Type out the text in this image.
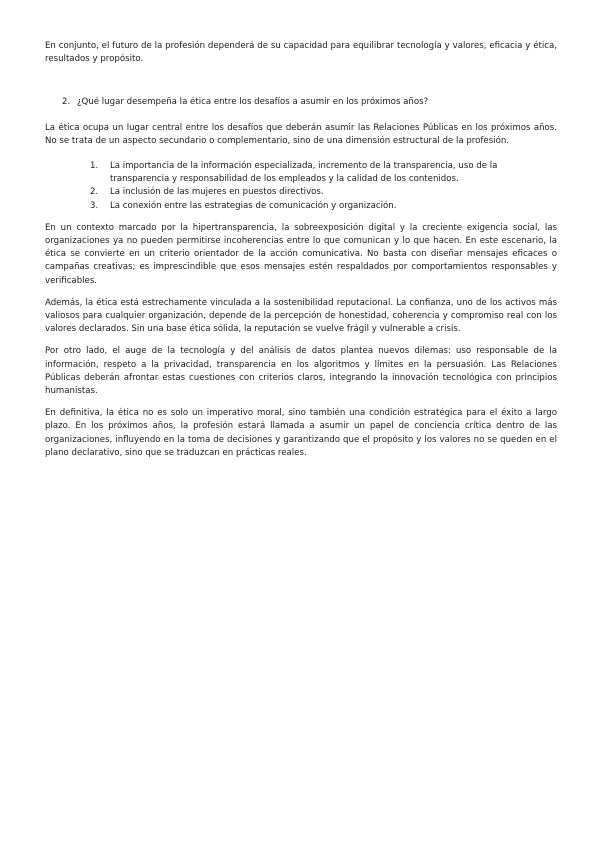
En conjunto, el futuro de la profesión dependerá de su capacidad para equilibrar tecnología y valores, eficacia y ética, resultados y propósito.

2. ¿Qué lugar desempeña la ética entre los desafíos a asumir en los próximos años?

La ética ocupa un lugar central entre los desafíos que deberán asumir las Relaciones Públicas en los próximos años. No se trata de un aspecto secundario o complementario, sino de una dimensión estructural de la profesión.

1.	La importancia de la información especializada, incremento de la transparencia, uso de la transparencia y responsabilidad de los empleados y la calidad de los contenidos.
2.	La inclusión de las mujeres en puestos directivos.
3.	La conexión entre las estrategias de comunicación y organización.

En un contexto marcado por la hipertransparencia, la sobreexposición digital y la creciente exigencia social, las organizaciones ya no pueden permitirse incoherencias entre lo que comunican y lo que hacen. En este escenario, la ética se convierte en un criterio orientador de la acción comunicativa. No basta con diseñar mensajes eficaces o campañas creativas; es imprescindible que esos mensajes estén respaldados por comportamientos responsables y verificables.

Además, la ética está estrechamente vinculada a la sostenibilidad reputacional. La confianza, uno de los activos más valiosos para cualquier organización, depende de la percepción de honestidad, coherencia y compromiso real con los valores declarados. Sin una base ética sólida, la reputación se vuelve frágil y vulnerable a crisis.

Por otro lado, el auge de la tecnología y del análisis de datos plantea nuevos dilemas: uso responsable de la información, respeto a la privacidad, transparencia en los algoritmos y límites en la persuasión. Las Relaciones Públicas deberán afrontar estas cuestiones con criterios claros, integrando la innovación tecnológica con principios humanistas.

En definitiva, la ética no es solo un imperativo moral, sino también una condición estratégica para el éxito a largo plazo. En los próximos años, la profesión estará llamada a asumir un papel de conciencia crítica dentro de las organizaciones, influyendo en la toma de decisiones y garantizando que el propósito y los valores no se queden en el plano declarativo, sino que se traduzcan en prácticas reales.
